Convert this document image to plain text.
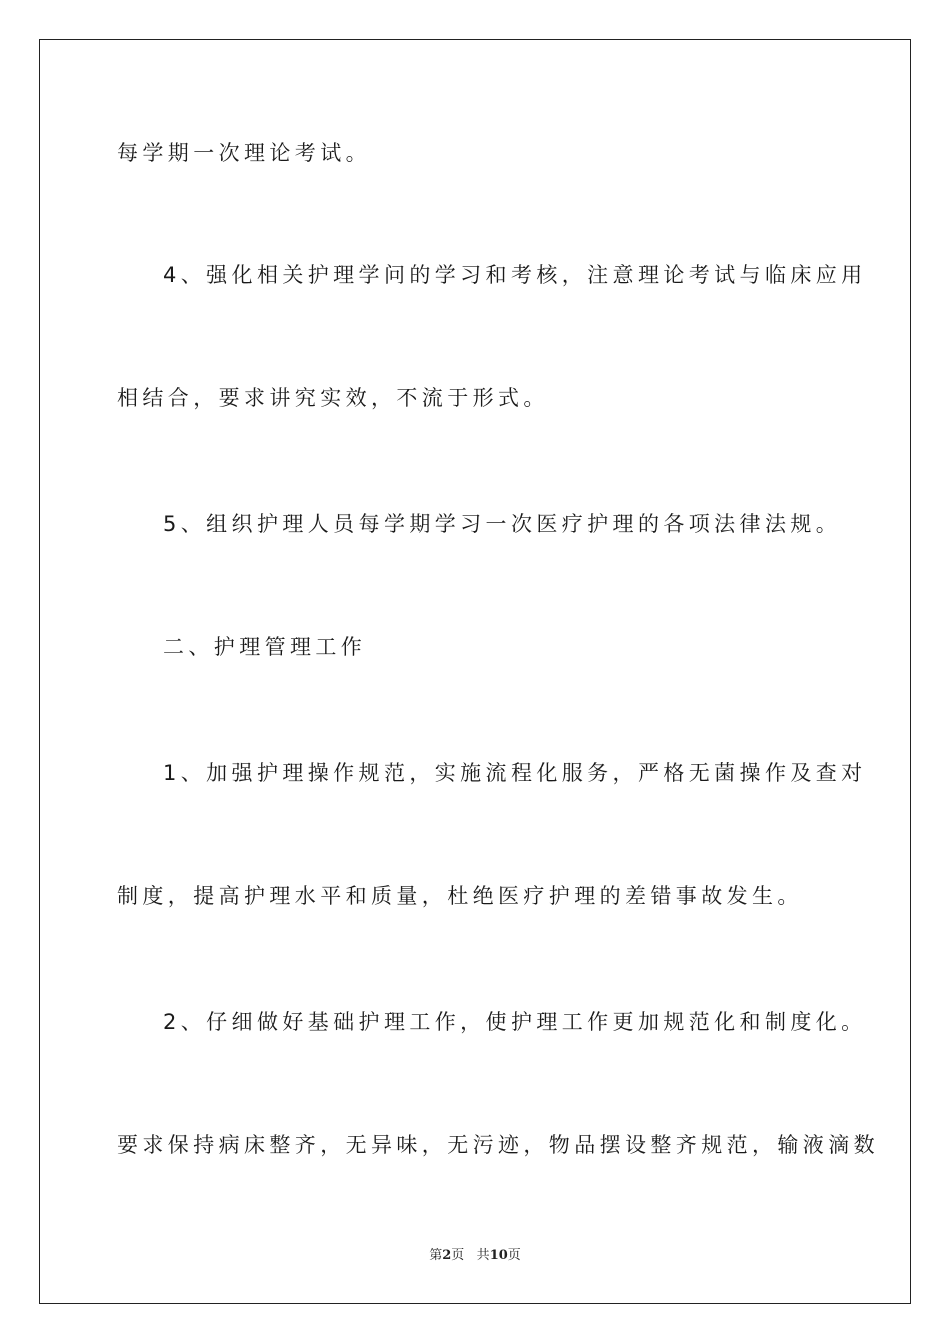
每学期一次理论考试。
4、强化相关护理学问的学习和考核，注意理论考试与临床应用
相结合，要求讲究实效，不流于形式。
5、组织护理人员每学期学习一次医疗护理的各项法律法规。
二、护理管理工作
1、加强护理操作规范，实施流程化服务，严格无菌操作及查对
制度，提高护理水平和质量，杜绝医疗护理的差错事故发生。
2、仔细做好基础护理工作，使护理工作更加规范化和制度化。
要求保持病床整齐，无异味，无污迹，物品摆设整齐规范，输液滴数
第2页 共10页
